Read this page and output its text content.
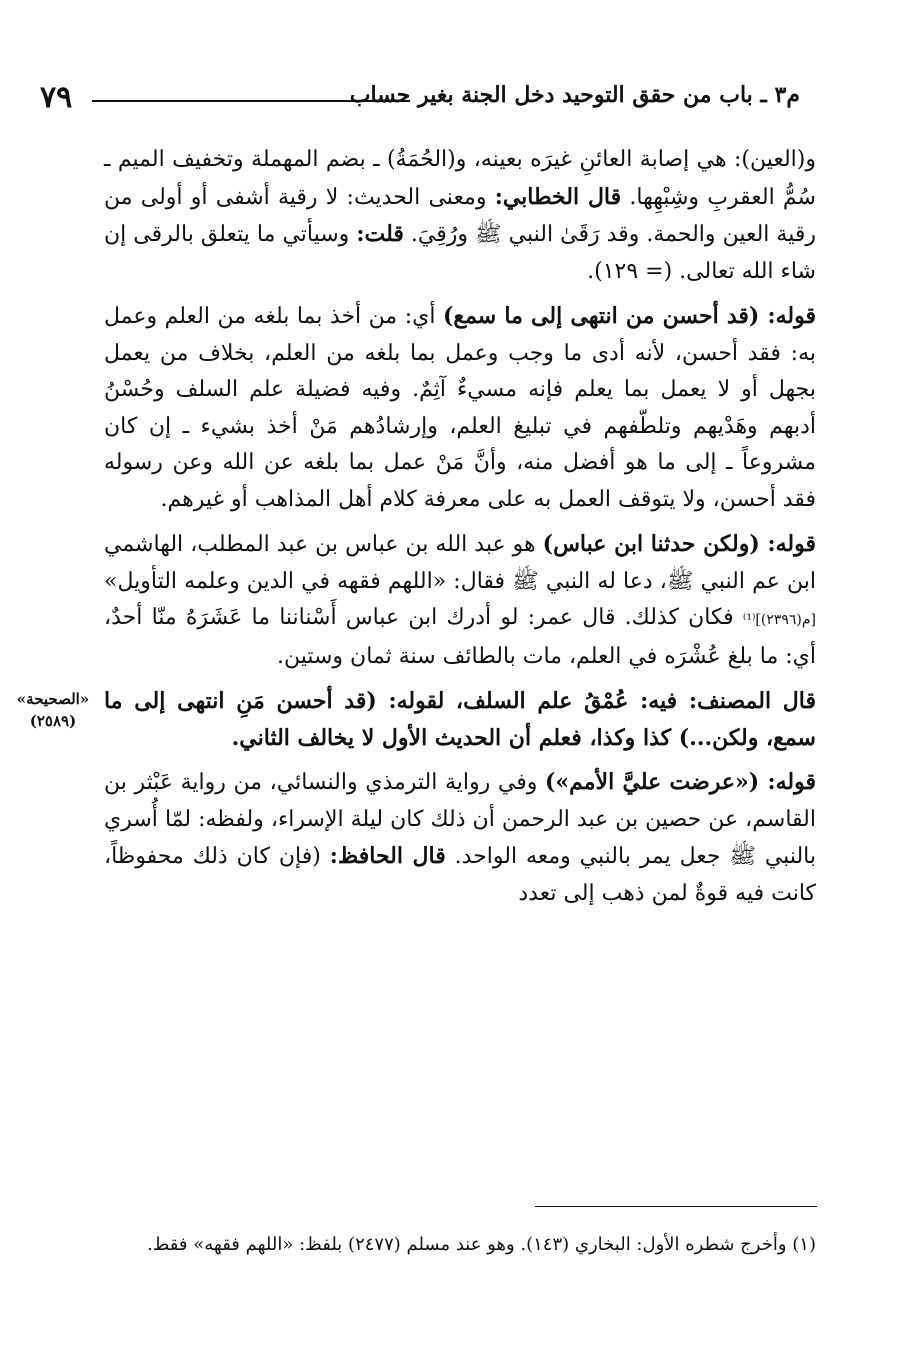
٧٩	م٣ ـ باب من حقق التوحيد دخل الجنة بغير حساب
«الصحيحة»
(٢٥٨٩)

و(العين): هي إصابة العائنِ غيرَه بعينه، و(الحُمَةُ) ـ بضم المهملة وتخفيف الميم ـ سُمُّ العقربِ وشِبْهِها. قال الخطابي: ومعنى الحديث: لا رقية أشفى أو أولى من رقية العين والحمة. وقد رَقَىٰ النبي ﷺ ورُقِيَ. قلت: وسيأتي ما يتعلق بالرقى إن شاء الله تعالى. (= ١٢٩).

قوله: (قد أحسن من انتهى إلى ما سمع) أي: من أخذ بما بلغه من العلم وعمل به: فقد أحسن، لأنه أدى ما وجب وعمل بما بلغه من العلم، بخلاف من يعمل بجهل أو لا يعمل بما يعلم فإنه مسيءٌ آثِمٌ. وفيه فضيلة علم السلف وحُسْنُ أدبهم وهَدْيهم وتلطّفهم في تبليغ العلم، وإرشادُهم مَنْ أخذ بشيء ـ إن كان مشروعاً ـ إلى ما هو أفضل منه، وأنَّ مَنْ عمل بما بلغه عن الله وعن رسوله فقد أحسن، ولا يتوقف العمل به على معرفة كلام أهل المذاهب أو غيرهم.

قوله: (ولكن حدثنا ابن عباس) هو عبد الله بن عباس بن عبد المطلب، الهاشمي ابن عم النبي ﷺ، دعا له النبي ﷺ فقال: «اللهم فقهه في الدين وعلمه التأويل» [م(٢٣٩٦)]⁽¹⁾ فكان كذلك. قال عمر: لو أدرك ابن عباس أَسْناننا ما عَشَرَهُ منّا أحدٌ، أي: ما بلغ عُشْرَه في العلم، مات بالطائف سنة ثمان وستين.

قال المصنف: فيه: عُمْقُ علم السلف، لقوله: (قد أحسن مَنِ انتهى إلى ما سمع، ولكن...) كذا وكذا، فعلم أن الحديث الأول لا يخالف الثاني.

قوله: («عرضت عليَّ الأمم») وفي رواية الترمذي والنسائي، من رواية عَبْثر بن القاسم، عن حصين بن عبد الرحمن أن ذلك كان ليلة الإسراء، ولفظه: لمّا أُسري بالنبي ﷺ جعل يمر بالنبي ومعه الواحد. قال الحافظ: (فإن كان ذلك محفوظاً، كانت فيه قوةٌ لمن ذهب إلى تعدد

(١) وأخرج شطره الأول: البخاري (١٤٣). وهو عند مسلم (٢٤٧٧) بلفظ: «اللهم فقهه» فقط.
